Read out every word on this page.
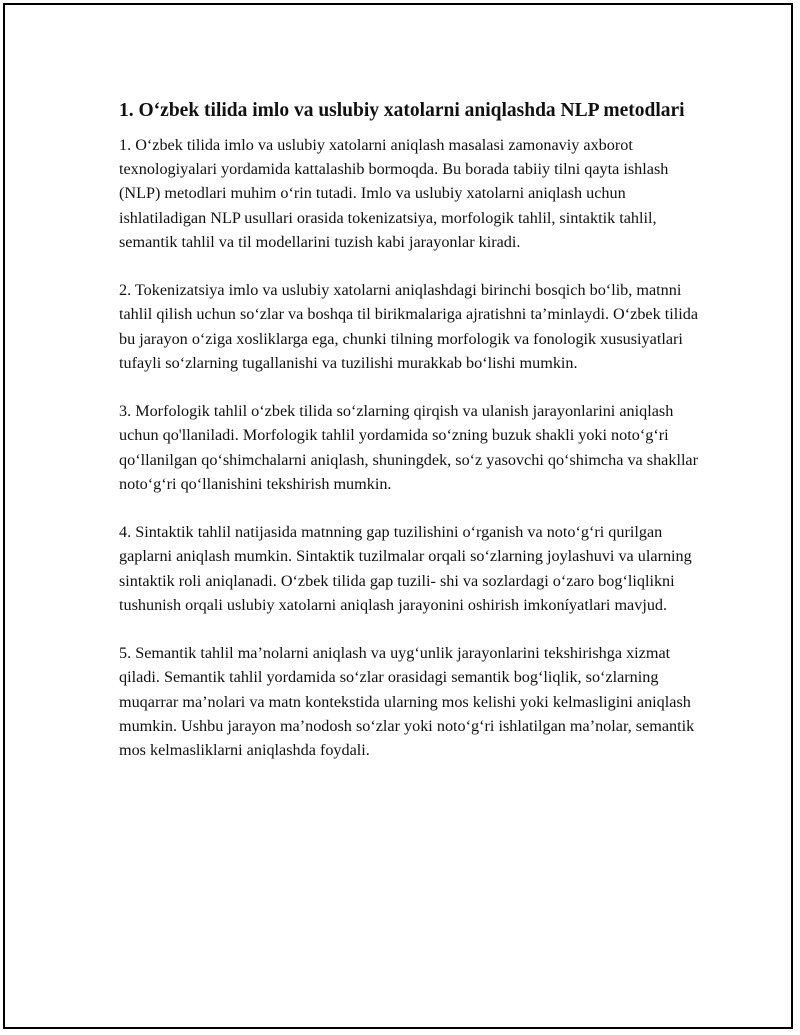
1. O‘zbek tilida imlo va uslubiy xatolarni aniqlashda NLP metodlari

1. O‘zbek tilida imlo va uslubiy xatolarni aniqlash masalasi zamonaviy axborot texnologiyalari yordamida kattalashib bormoqda. Bu borada tabiiy tilni qayta ishlash (NLP) metodlari muhim o‘rin tutadi. Imlo va uslubiy xatolarni aniqlash uchun ishlatiladigan NLP usullari orasida tokenizatsiya, morfologik tahlil, sintaktik tahlil, semantik tahlil va til modellarini tuzish kabi jarayonlar kiradi.

2. Tokenizatsiya imlo va uslubiy xatolarni aniqlashdagi birinchi bosqich bo‘lib, matnni tahlil qilish uchun so‘zlar va boshqa til birikmalariga ajratishni ta’minlaydi. O‘zbek tilida bu jarayon o‘ziga xosliklarga ega, chunki tilning morfologik va fonologik xususiyatlari tufayli so‘zlarning tugallanishi va tuzilishi murakkab bo‘lishi mumkin.

3. Morfologik tahlil o‘zbek tilida so‘zlarning qirqish va ulanish jarayonlarini aniqlash uchun qo'llaniladi. Morfologik tahlil yordamida so‘zning buzuk shakli yoki noto‘g‘ri qo‘llanilgan qo‘shimchalarni aniqlash, shuningdek, so‘z yasovchi qo‘shimcha va shakllar noto‘g‘ri qo‘llanishini tekshirish mumkin.

4. Sintaktik tahlil natijasida matnning gap tuzilishini o‘rganish va noto‘g‘ri qurilgan gaplarni aniqlash mumkin. Sintaktik tuzilmalar orqali so‘zlarning joylashuvi va ularning sintaktik roli aniqlanadi. O‘zbek tilida gap tuzili- shi va sozlardagi o‘zaro bog‘liqlikni tushunish orqali uslubiy xatolarni aniqlash jarayonini oshirish imkoníyatlari mavjud.

5. Semantik tahlil ma’nolarni aniqlash va uyg‘unlik jarayonlarini tekshirishga xizmat qiladi. Semantik tahlil yordamida so‘zlar orasidagi semantik bog‘liqlik, so‘zlarning muqarrar ma’nolari va matn kontekstida ularning mos kelishi yoki kelmasligini aniqlash mumkin. Ushbu jarayon ma’nodosh so‘zlar yoki noto‘g‘ri ishlatilgan ma’nolar, semantik mos kelmasliklarni aniqlashda foydali.
